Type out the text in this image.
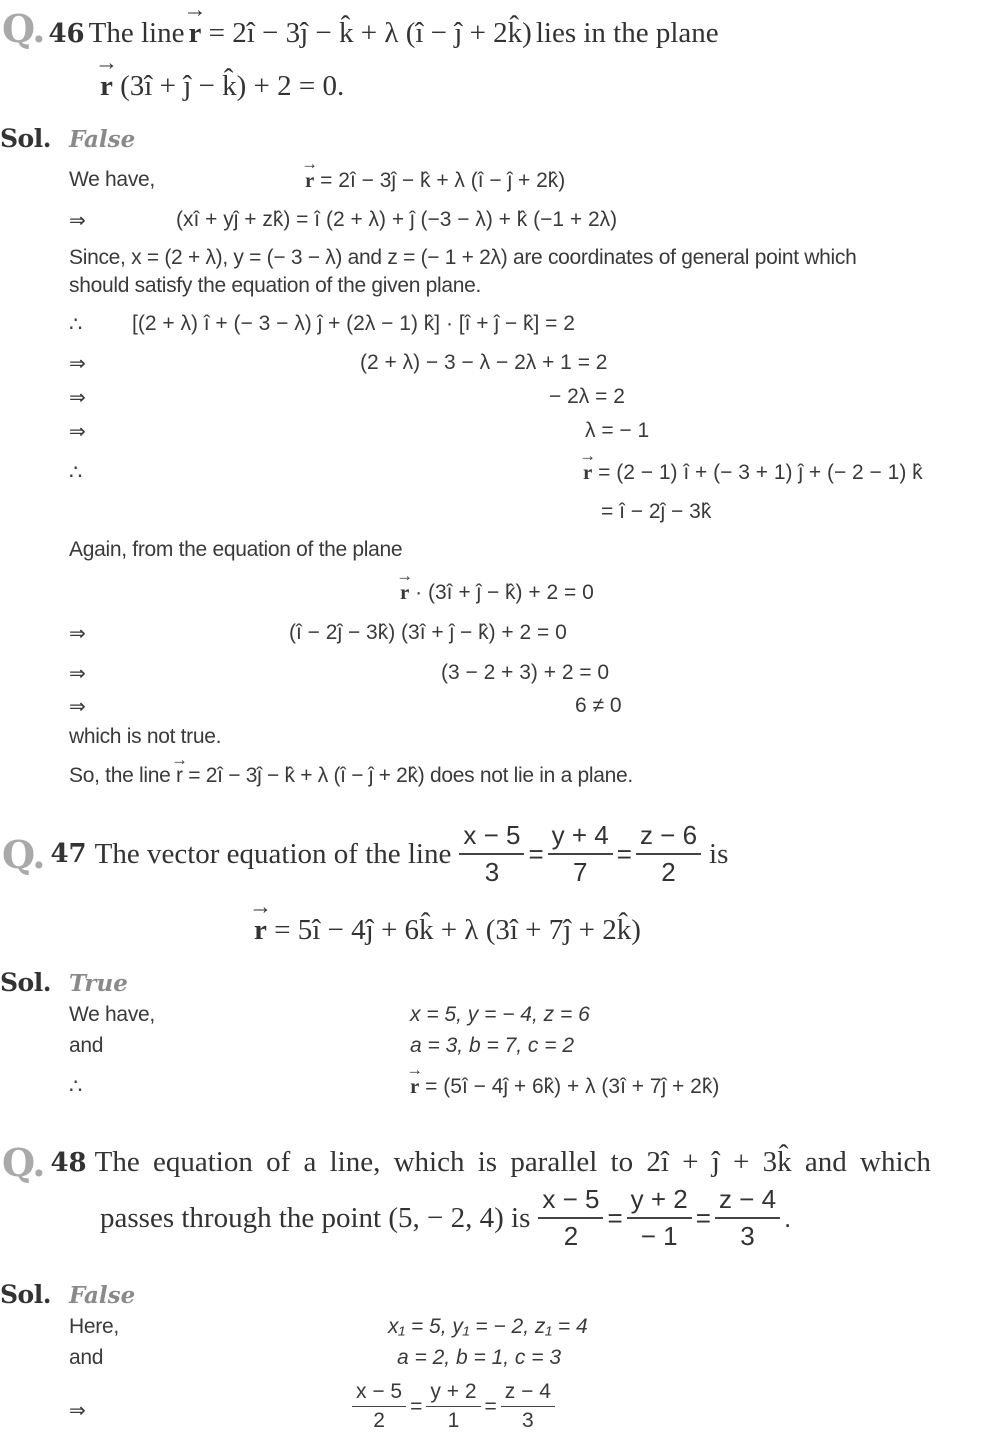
Q. 46 The line → r = 2î − 3ĵ − k̂ + λ (î − ĵ + 2k̂) lies in the plane
→ r (3î + ĵ − k̂) + 2 = 0.
Sol. False
We have,	→ r = 2î − 3ĵ − k̂ + λ (î − ĵ + 2k̂)
⇒	(xî + yĵ + zk̂) = î (2 + λ) + ĵ (−3 − λ) + k̂ (−1 + 2λ)
Since, x = (2 + λ), y = (− 3 − λ) and z = (− 1 + 2λ) are coordinates of general point which
should satisfy the equation of the given plane.
∴ [(2 + λ) î + (− 3 − λ) ĵ + (2λ − 1) k̂] · [î + ĵ − k̂] = 2
⇒	(2 + λ) − 3 − λ − 2λ + 1 = 2
⇒	− 2λ = 2
⇒	λ = − 1
∴	→ r = (2 − 1) î + (− 3 + 1) ĵ + (− 2 − 1) k̂
= î − 2ĵ − 3k̂
Again, from the equation of the plane
→ r · (3î + ĵ − k̂) + 2 = 0
⇒	(î − 2ĵ − 3k̂) (3î + ĵ − k̂) + 2 = 0
⇒	(3 − 2 + 3) + 2 = 0
⇒	6 ≠ 0
which is not true.
So, the line → r = 2î − 3ĵ − k̂ + λ (î − ĵ + 2k̂) does not lie in a plane.
Q. 47 The vector equation of the line $\frac{x - 5}{3} = \frac{y + 4}{7} = \frac{z - 6}{2}$ is
→ r = 5î − 4ĵ + 6k̂ + λ (3î + 7ĵ + 2k̂)
Sol. True
We have,	x = 5, y = − 4, z = 6
and	a = 3, b = 7, c = 2
∴	→ r = (5î − 4ĵ + 6k̂) + λ (3î + 7ĵ + 2k̂)
Q. 48 The equation of a line, which is parallel to 2î + ĵ + 3k̂ and which
passes through the point (5, − 2, 4) is $\frac{x - 5}{2} = \frac{y + 2}{- 1} = \frac{z - 4}{3}$ .
Sol. False
Here,	x₁ = 5, y₁ = − 2, z₁ = 4
and	a = 2, b = 1, c = 3
⇒	$\frac{x - 5}{2} = \frac{y + 2}{1} = \frac{z - 4}{3}$
